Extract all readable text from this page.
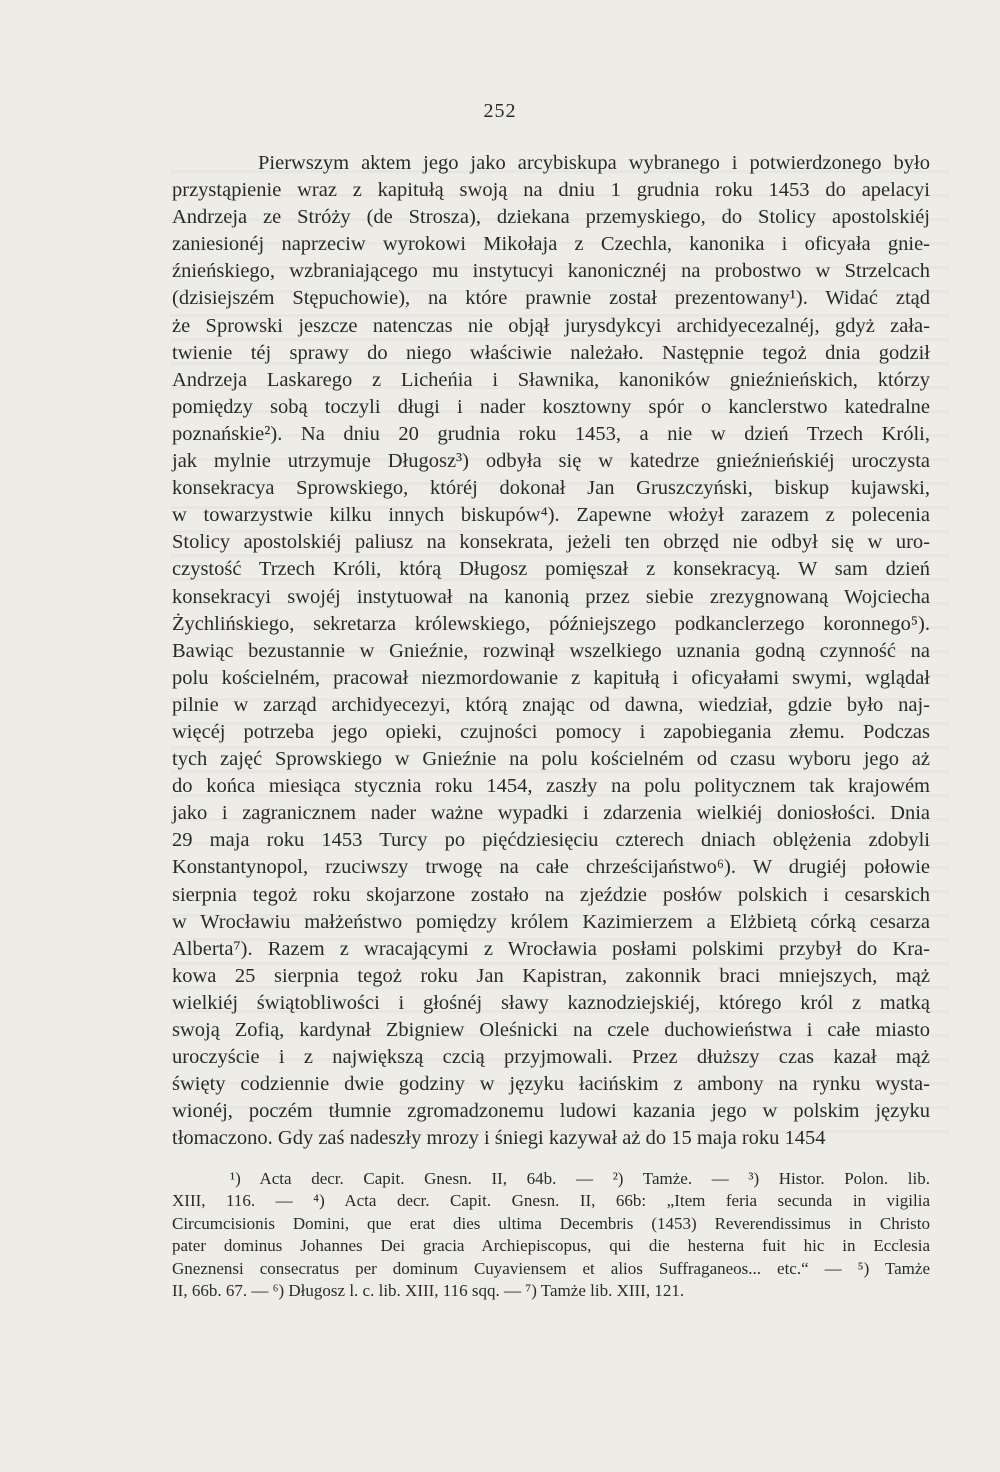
252
Pierwszym aktem jego jako arcybiskupa wybranego i potwierdzonego było
przystąpienie wraz z kapitułą swoją na dniu 1 grudnia roku 1453 do apelacyi
Andrzeja ze Stróży (de Strosza), dziekana przemyskiego, do Stolicy apostolskiéj
zaniesionéj naprzeciw wyrokowi Mikołaja z Czechla, kanonika i oficyała gnie-
źnieńskiego, wzbraniającego mu instytucyi kanonicznéj na probostwo w Strzelcach
(dzisiejszém Stępuchowie), na które prawnie został prezentowany¹). Widać ztąd
że Sprowski jeszcze natenczas nie objął jurysdykcyi archidyecezalnéj, gdyż zała-
twienie téj sprawy do niego właściwie należało. Następnie tegoż dnia godził
Andrzeja Laskarego z Licheńia i Sławnika, kanoników gnieźnieńskich, którzy
pomiędzy sobą toczyli długi i nader kosztowny spór o kanclerstwo katedralne
poznańskie²). Na dniu 20 grudnia roku 1453, a nie w dzień Trzech Króli,
jak mylnie utrzymuje Długosz³) odbyła się w katedrze gnieźnieńskiéj uroczysta
konsekracya Sprowskiego, któréj dokonał Jan Gruszczyński, biskup kujawski,
w towarzystwie kilku innych biskupów⁴). Zapewne włożył zarazem z polecenia
Stolicy apostolskiéj paliusz na konsekrata, jeżeli ten obrzęd nie odbył się w uro-
czystość Trzech Króli, którą Długosz pomięszał z konsekracyą. W sam dzień
konsekracyi swojéj instytuował na kanonią przez siebie zrezygnowaną Wojciecha
Żychlińskiego, sekretarza królewskiego, późniejszego podkanclerzego koronnego⁵).
Bawiąc bezustannie w Gnieźnie, rozwinął wszelkiego uznania godną czynność na
polu kościelném, pracował niezmordowanie z kapitułą i oficyałami swymi, wglądał
pilnie w zarząd archidyecezyi, którą znając od dawna, wiedział, gdzie było naj-
więcéj potrzeba jego opieki, czujności pomocy i zapobiegania złemu. Podczas
tych zajęć Sprowskiego w Gnieźnie na polu kościelném od czasu wyboru jego aż
do końca miesiąca stycznia roku 1454, zaszły na polu politycznem tak krajowém
jako i zagranicznem nader ważne wypadki i zdarzenia wielkiéj doniosłości. Dnia
29 maja roku 1453 Turcy po pięćdziesięciu czterech dniach oblężenia zdobyli
Konstantynopol, rzuciwszy trwogę na całe chrześcijaństwo⁶). W drugiéj połowie
sierpnia tegoż roku skojarzone zostało na zjeździe posłów polskich i cesarskich
w Wrocławiu małżeństwo pomiędzy królem Kazimierzem a Elżbietą córką cesarza
Alberta⁷). Razem z wracającymi z Wrocławia posłami polskimi przybył do Kra-
kowa 25 sierpnia tegoż roku Jan Kapistran, zakonnik braci mniejszych, mąż
wielkiéj świątobliwości i głośnéj sławy kaznodziejskiéj, którego król z matką
swoją Zofią, kardynał Zbigniew Oleśnicki na czele duchowieństwa i całe miasto
uroczyście i z największą czcią przyjmowali. Przez dłuższy czas kazał mąż
święty codziennie dwie godziny w języku łacińskim z ambony na rynku wysta-
wionéj, poczém tłumnie zgromadzonemu ludowi kazania jego w polskim języku
tłomaczono. Gdy zaś nadeszły mrozy i śniegi kazywał aż do 15 maja roku 1454
¹) Acta decr. Capit. Gnesn. II, 64b. — ²) Tamże. — ³) Histor. Polon. lib.
XIII, 116. — ⁴) Acta decr. Capit. Gnesn. II, 66b: „Item feria secunda in vigilia
Circumcisionis Domini, que erat dies ultima Decembris (1453) Reverendissimus in Christo
pater dominus Johannes Dei gracia Archiepiscopus, qui die hesterna fuit hic in Ecclesia
Gneznensi consecratus per dominum Cuyaviensem et alios Suffraganeos... etc.“ — ⁵) Tamże
II, 66b. 67. — ⁶) Długosz l. c. lib. XIII, 116 sqq. — ⁷) Tamże lib. XIII, 121.
